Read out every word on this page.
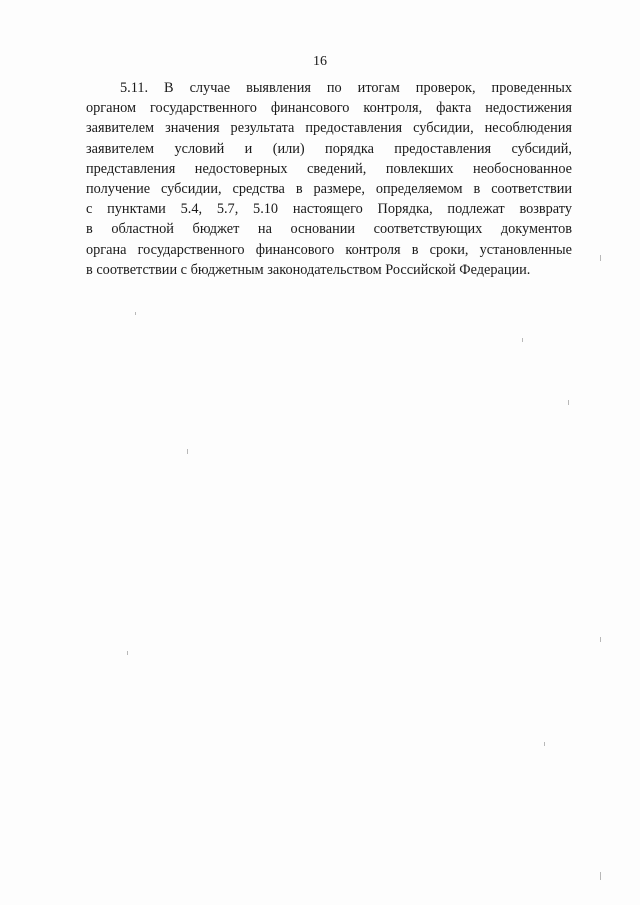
16
5.11. В случае выявления по итогам проверок, проведенных
органом государственного финансового контроля, факта недостижения
заявителем значения результата предоставления субсидии, несоблюдения
заявителем условий и (или) порядка предоставления субсидий,
представления недостоверных сведений, повлекших необоснованное
получение субсидии, средства в размере, определяемом в соответствии
с пунктами 5.4, 5.7, 5.10 настоящего Порядка, подлежат возврату
в областной бюджет на основании соответствующих документов
органа государственного финансового контроля в сроки, установленные
в соответствии с бюджетным законодательством Российской Федерации.
